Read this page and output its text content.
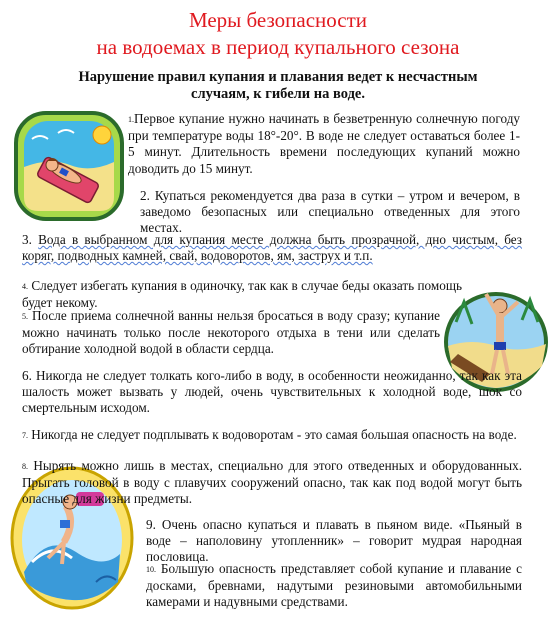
Меры безопасности
на водоемах в период купального сезона
Нарушение правил купания и плавания ведет к несчастным
случаям, к гибели на воде.
1.Первое купание нужно начинать в безветренную солнечную погоду при температуре воды 18°-20°. В воде не следует оставаться более 1-5 минут. Длительность времени последующих купаний можно доводить до 15 минут.
2. Купаться рекомендуется два раза в сутки – утром и вечером, в заведомо безопасных или специально отведенных для этого местах.
3. Вода в выбранном для купания месте должна быть прозрачной, дно чистым, без коряг, подводных камней, свай, водоворотов, ям, заструх и т.п.
4. Следует избегать купания в одиночку, так как в случае беды оказать помощь будет некому.
5. После приема солнечной ванны нельзя бросаться в воду сразу; купание можно начинать только после некоторого отдыха в тени или сделать обтирание холодной водой в области сердца.
6. Никогда не следует толкать кого-либо в воду, в особенности неожиданно, так как эта шалость может вызвать у людей, очень чувствительных к холодной воде, шок со смертельным исходом.
7. Никогда не следует подплывать к водоворотам - это самая большая опасность на воде.
8. Нырять можно лишь в местах, специально для этого отведенных и оборудованных. Прыгать головой в воду с плавучих сооружений опасно, так как под водой могут быть опасные для жизни предметы.
9. Очень опасно купаться и плавать в пьяном виде. «Пьяный в воде – наполовину утопленник» – говорит мудрая народная пословица.
10. Большую опасность представляет собой купание и плавание с досками, бревнами, надутыми резиновыми автомобильными камерами и надувными средствами.
